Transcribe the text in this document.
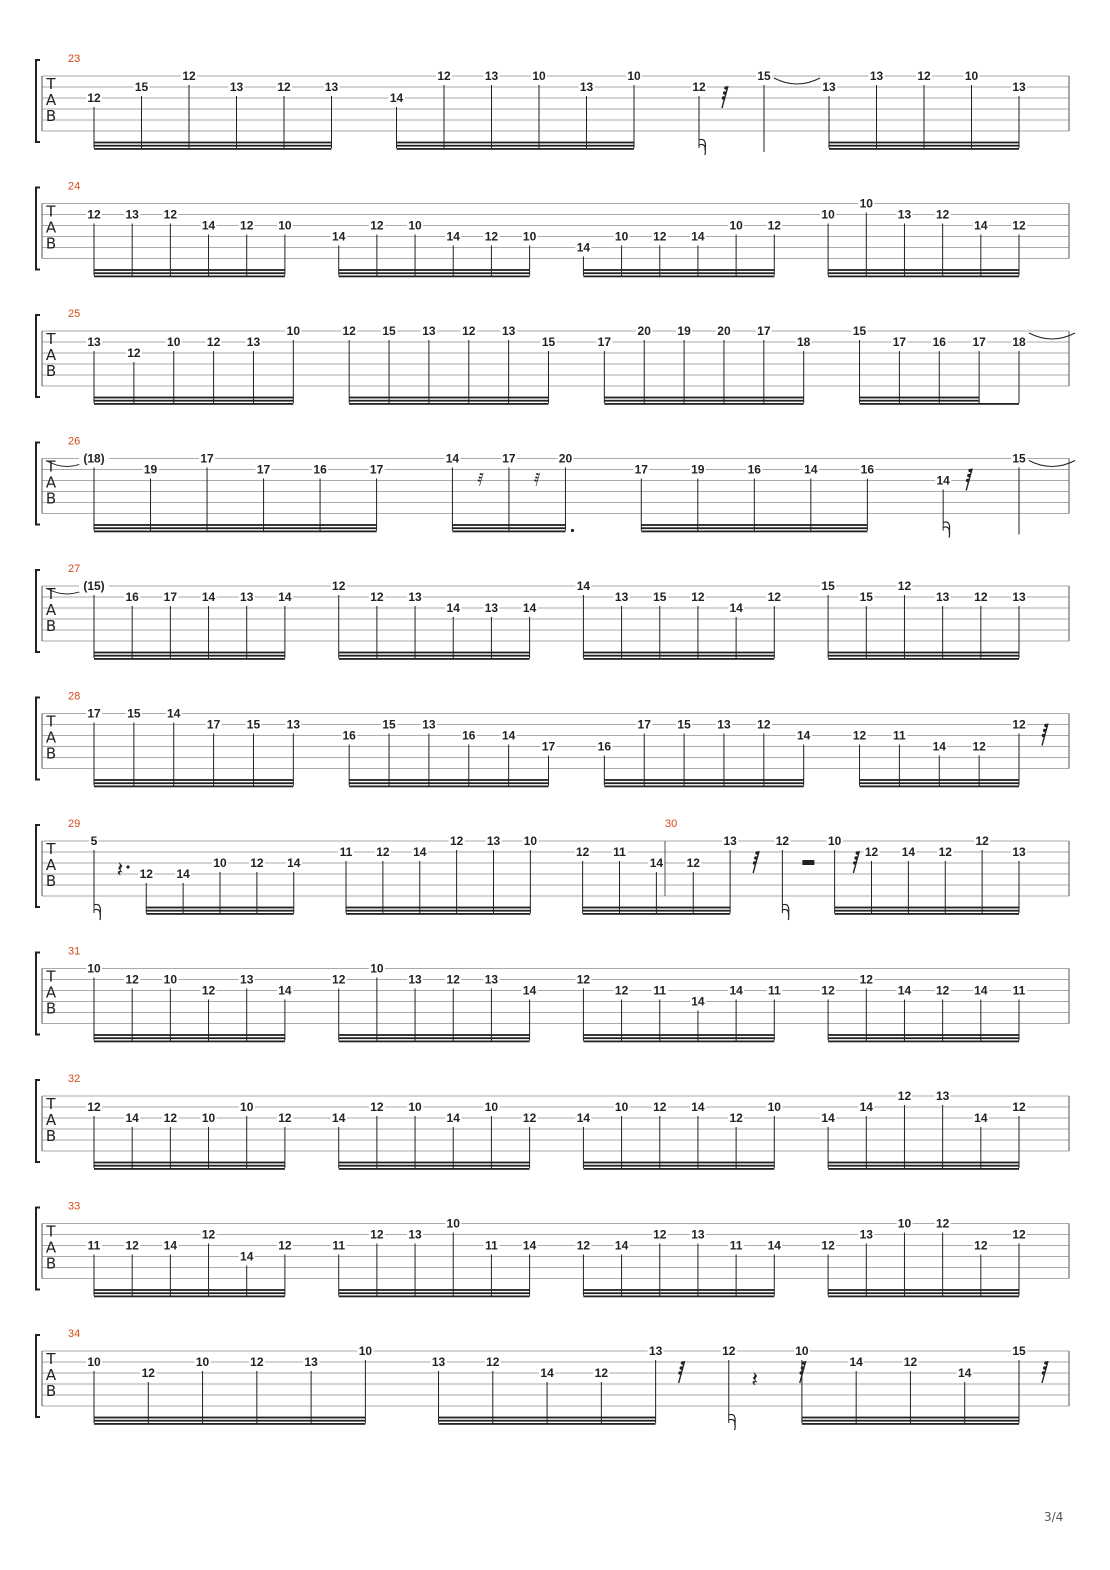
T
A
B
23
12
15
12
13	12	13
14
12	13	10
13
10
12
15
13
13	12	10
13
T
A
B
24
12 13 12
14 12 10
14
12 10
14 12 10
14
10 12 14
10 12
10
10
13 12
14 12
T
A
B
25
13
12
10 12 13
10	12 15 13 12 13
15	17
20 19 20 17
18
15
17 16 17 18
T
A
B
26
(18)
19
17
17	16	17
14	17	20
𝅀	𝅀	17	19	16	14	16
14
15
T
A
B
27
(15)
16 17 14 13 14
12
12 13
14 13 14
14
13 15 12
14
12
15
15
12
13 12 13
T
A
B
28
17 15 14
17 15 13
16
15 13
16 14
17	16
17 15 13 12
14	12 11
14 12
12
T
A
B
29	30
5
𝄽 12 14
10 12 14
11 12 14
12 13 10
12 11
14 12
13	12	10
12 14 12
12
13
T
A
B
31
10
12 10
12
13
14
12
10
13 12 13
14
12
12 11
14
14 11	12
12
14 12 14 11
T
A
B
32
12
14 12 10
10
12	14
12 10
14
10
12	14
10 12 14
12
10
14
14
12 13
14
12
T
A
B
33
11 12 14
12
14
12	11
12 13
10
11 14	12 14
12 13
11 14	12
13
10 12
12
12
T
A
B
34
10
12
10	12	13
10
13	12
14	12
13	12
𝄽
10
14	12
14
15
3/4
